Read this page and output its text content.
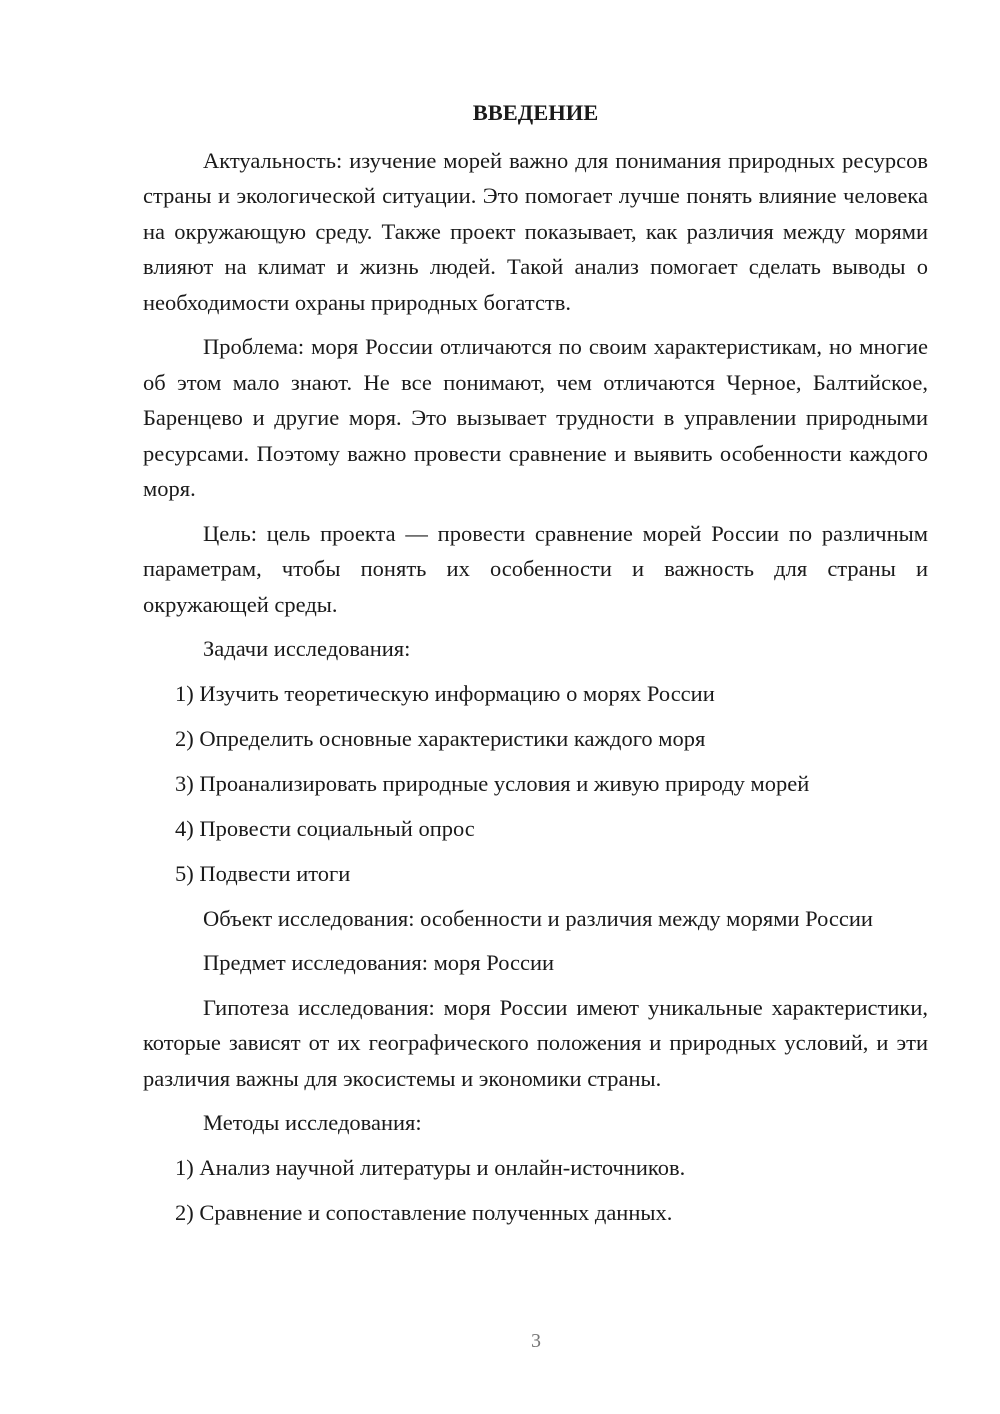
ВВЕДЕНИЕ

Актуальность: изучение морей важно для понимания природных ресурсов страны и экологической ситуации. Это помогает лучше понять влияние человека на окружающую среду. Также проект показывает, как различия между морями влияют на климат и жизнь людей. Такой анализ помогает сделать выводы о необходимости охраны природных богатств.

Проблема: моря России отличаются по своим характеристикам, но многие об этом мало знают. Не все понимают, чем отличаются Черное, Балтийское, Баренцево и другие моря. Это вызывает трудности в управлении природными ресурсами. Поэтому важно провести сравнение и выявить особенности каждого моря.

Цель: цель проекта — провести сравнение морей России по различным параметрам, чтобы понять их особенности и важность для страны и окружающей среды.

Задачи исследования:

1) Изучить теоретическую информацию о морях России
2) Определить основные характеристики каждого моря
3) Проанализировать природные условия и живую природу морей
4) Провести социальный опрос
5) Подвести итоги

Объект исследования: особенности и различия между морями России

Предмет исследования: моря России

Гипотеза исследования: моря России имеют уникальные характеристики, которые зависят от их географического положения и природных условий, и эти различия важны для экосистемы и экономики страны.

Методы исследования:

1) Анализ научной литературы и онлайн-источников.
2) Сравнение и сопоставление полученных данных.
3
